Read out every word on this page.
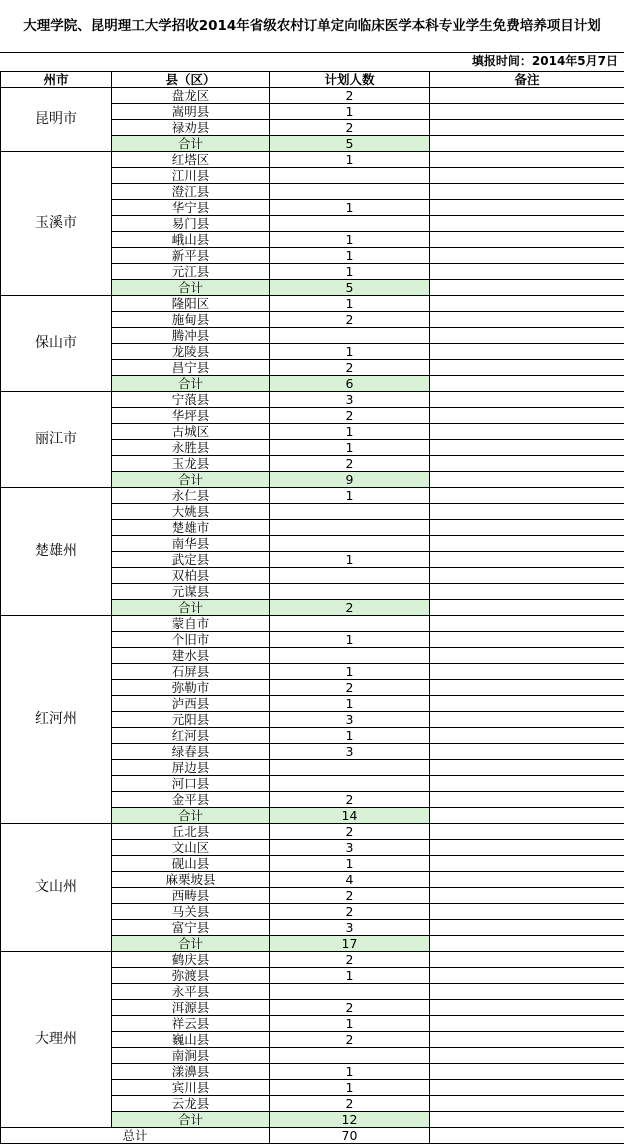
大理学院、昆明理工大学招收2014年省级农村订单定向临床医学本科专业学生免费培养项目计划
填报时间：2014年5月7日
州市	县（区）	计划人数	备注
昆明市	盘龙区	2	
	嵩明县	1	
	禄劝县	2	
	合计	5	
玉溪市	红塔区	1	
	江川县		
	澄江县		
	华宁县	1	
	易门县		
	峨山县	1	
	新平县	1	
	元江县	1	
	合计	5	
保山市	隆阳区	1	
	施甸县	2	
	腾冲县		
	龙陵县	1	
	昌宁县	2	
	合计	6	
丽江市	宁蒗县	3	
	华坪县	2	
	古城区	1	
	永胜县	1	
	玉龙县	2	
	合计	9	
楚雄州	永仁县	1	
	大姚县		
	楚雄市		
	南华县		
	武定县	1	
	双柏县		
	元谋县		
	合计	2	
红河州	蒙自市		
	个旧市	1	
	建水县		
	石屏县	1	
	弥勒市	2	
	泸西县	1	
	元阳县	3	
	红河县	1	
	绿春县	3	
	屏边县		
	河口县		
	金平县	2	
	合计	14	
文山州	丘北县	2	
	文山区	3	
	砚山县	1	
	麻栗坡县	4	
	西畴县	2	
	马关县	2	
	富宁县	3	
	合计	17	
大理州	鹤庆县	2	
	弥渡县	1	
	永平县		
	洱源县	2	
	祥云县	1	
	巍山县	2	
	南涧县		
	漾濞县	1	
	宾川县	1	
	云龙县	2	
	合计	12	
总计		70	
